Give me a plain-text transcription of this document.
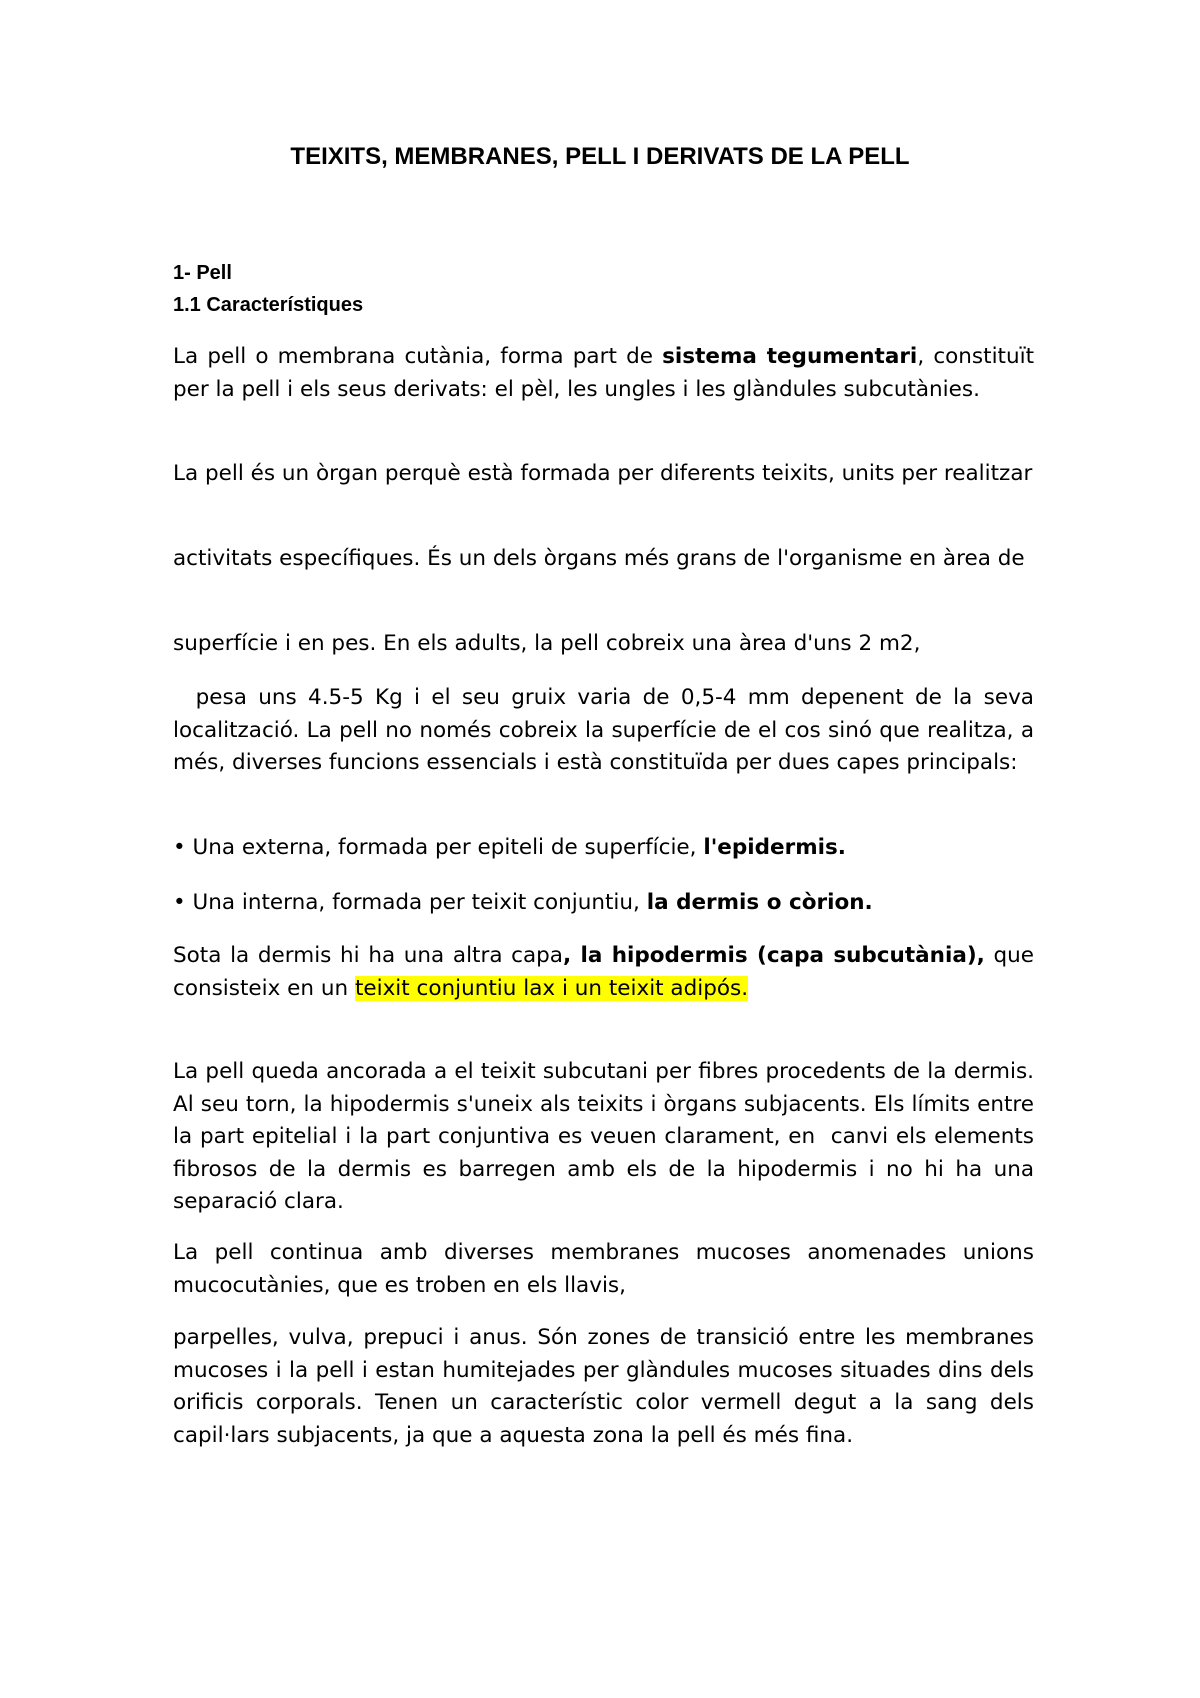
TEIXITS, MEMBRANES, PELL I DERIVATS DE LA PELL

1- Pell

1.1 Característiques

La pell o membrana cutània, forma part de sistema tegumentari, constituït per la pell i els seus derivats: el pèl, les ungles i les glàndules subcutànies.

La pell és un òrgan perquè està formada per diferents teixits, units per realitzar

activitats específiques. És un dels òrgans més grans de l'organisme en àrea de

superfície i en pes. En els adults, la pell cobreix una àrea d'uns 2 m2,

pesa uns 4.5-5 Kg i el seu gruix varia de 0,5-4 mm depenent de la seva localització. La pell no només cobreix la superfície de el cos sinó que realitza, a més, diverses funcions essencials i està constituïda per dues capes principals:

• Una externa, formada per epiteli de superfície, l'epidermis.

• Una interna, formada per teixit conjuntiu, la dermis o còrion.

Sota la dermis hi ha una altra capa, la hipodermis (capa subcutània), que consisteix en un teixit conjuntiu lax i un teixit adipós.

La pell queda ancorada a el teixit subcutani per fibres procedents de la dermis. Al seu torn, la hipodermis s'uneix als teixits i òrgans subjacents. Els límits entre la part epitelial i la part conjuntiva es veuen clarament, en  canvi els elements fibrosos de la dermis es barregen amb els de la hipodermis i no hi ha una separació clara.

La pell continua amb diverses membranes mucoses anomenades unions mucocutànies, que es troben en els llavis,

parpelles, vulva, prepuci i anus. Són zones de transició entre les membranes mucoses i la pell i estan humitejades per glàndules mucoses situades dins dels orificis corporals. Tenen un característic color vermell degut a la sang dels capil·lars subjacents, ja que a aquesta zona la pell és més fina.
